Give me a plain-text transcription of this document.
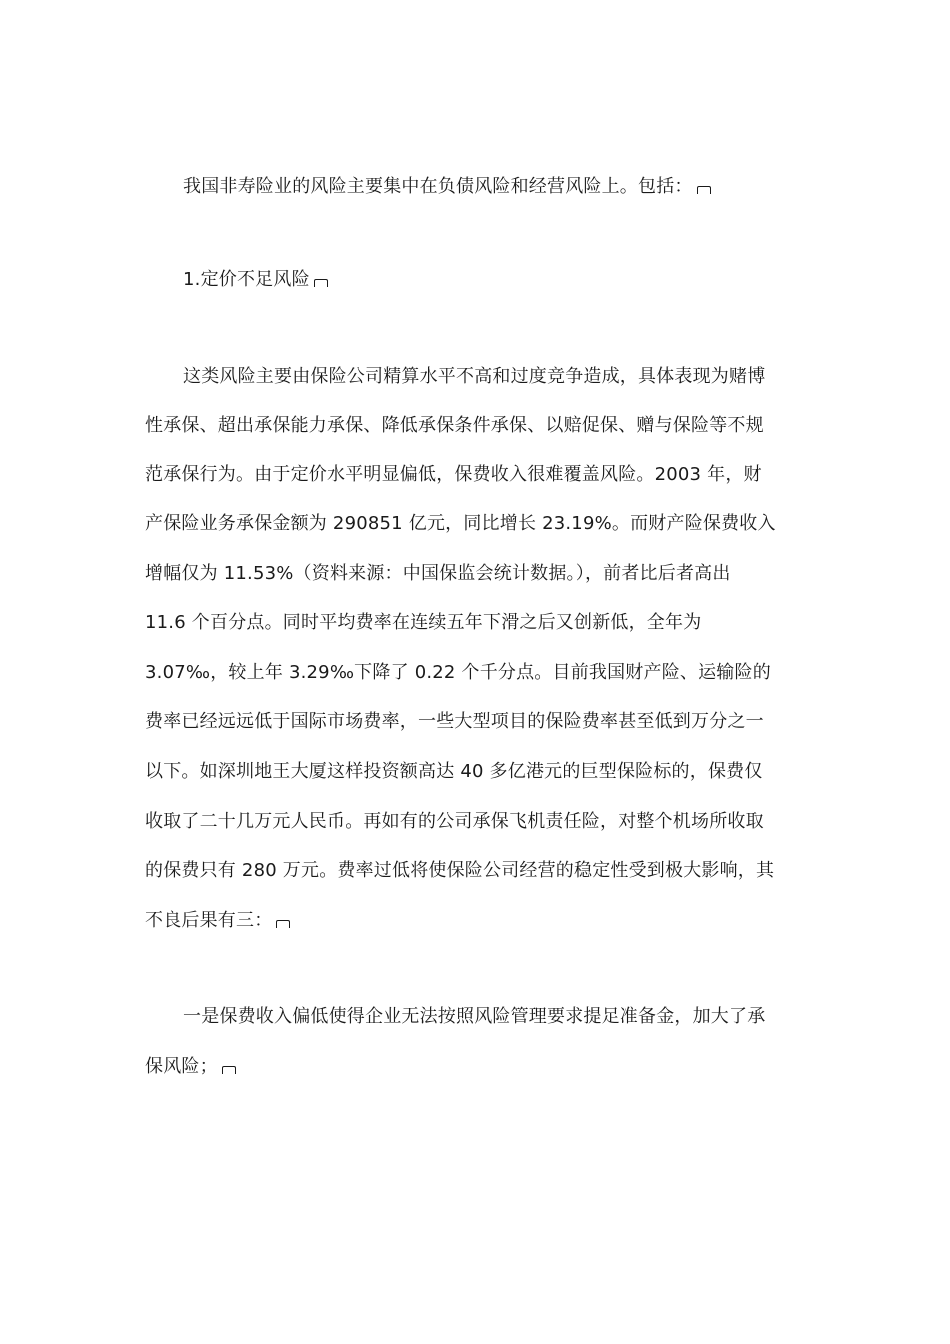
我国非寿险业的风险主要集中在负债风险和经营风险上。包括：
1.定价不足风险
这类风险主要由保险公司精算水平不高和过度竞争造成，具体表现为赌博
性承保、超出承保能力承保、降低承保条件承保、以赔促保、赠与保险等不规
范承保行为。由于定价水平明显偏低，保费收入很难覆盖风险。2003 年，财
产保险业务承保金额为 290851 亿元，同比增长 23.19%。而财产险保费收入
增幅仅为 11.53%（资料来源：中国保监会统计数据。），前者比后者高出
11.6 个百分点。同时平均费率在连续五年下滑之后又创新低，全年为
3.07‰，较上年 3.29‰下降了 0.22 个千分点。目前我国财产险、运输险的
费率已经远远低于国际市场费率，一些大型项目的保险费率甚至低到万分之一
以下。如深圳地王大厦这样投资额高达 40 多亿港元的巨型保险标的，保费仅
收取了二十几万元人民币。再如有的公司承保飞机责任险，对整个机场所收取
的保费只有 280 万元。费率过低将使保险公司经营的稳定性受到极大影响，其
不良后果有三：
一是保费收入偏低使得企业无法按照风险管理要求提足准备金，加大了承
保风险；
